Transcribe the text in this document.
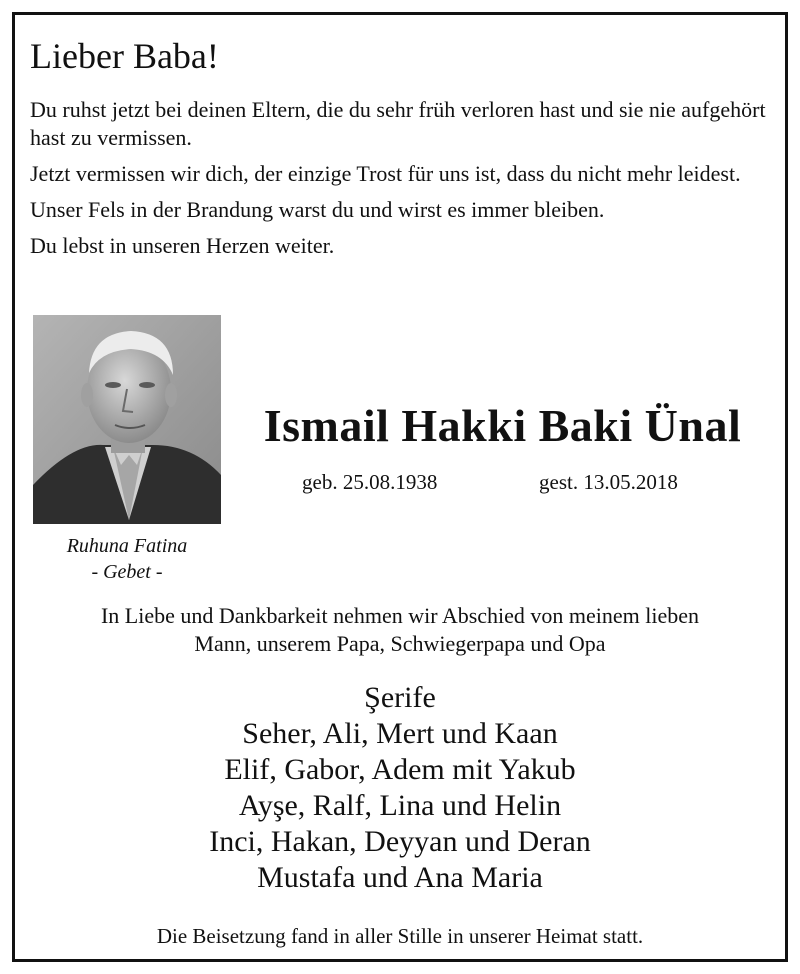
Lieber Baba!

Du ruhst jetzt bei deinen Eltern, die du sehr früh verloren hast und sie nie aufgehört hast zu vermissen.

Jetzt vermissen wir dich, der einzige Trost für uns ist, dass du nicht mehr leidest.

Unser Fels in der Brandung warst du und wirst es immer bleiben.

Du lebst in unseren Herzen weiter.

Ruhuna Fatina
- Gebet -
Ismail Hakki Baki Ünal
geb. 25.08.1938	gest. 13.05.2018
In Liebe und Dankbarkeit nehmen wir Abschied von meinem lieben
Mann, unserem Papa, Schwiegerpapa und Opa
Şerife
Seher, Ali, Mert und Kaan
Elif, Gabor, Adem mit Yakub
Ayşe, Ralf, Lina und Helin
Inci, Hakan, Deyyan und Deran
Mustafa und Ana Maria
Die Beisetzung fand in aller Stille in unserer Heimat statt.
